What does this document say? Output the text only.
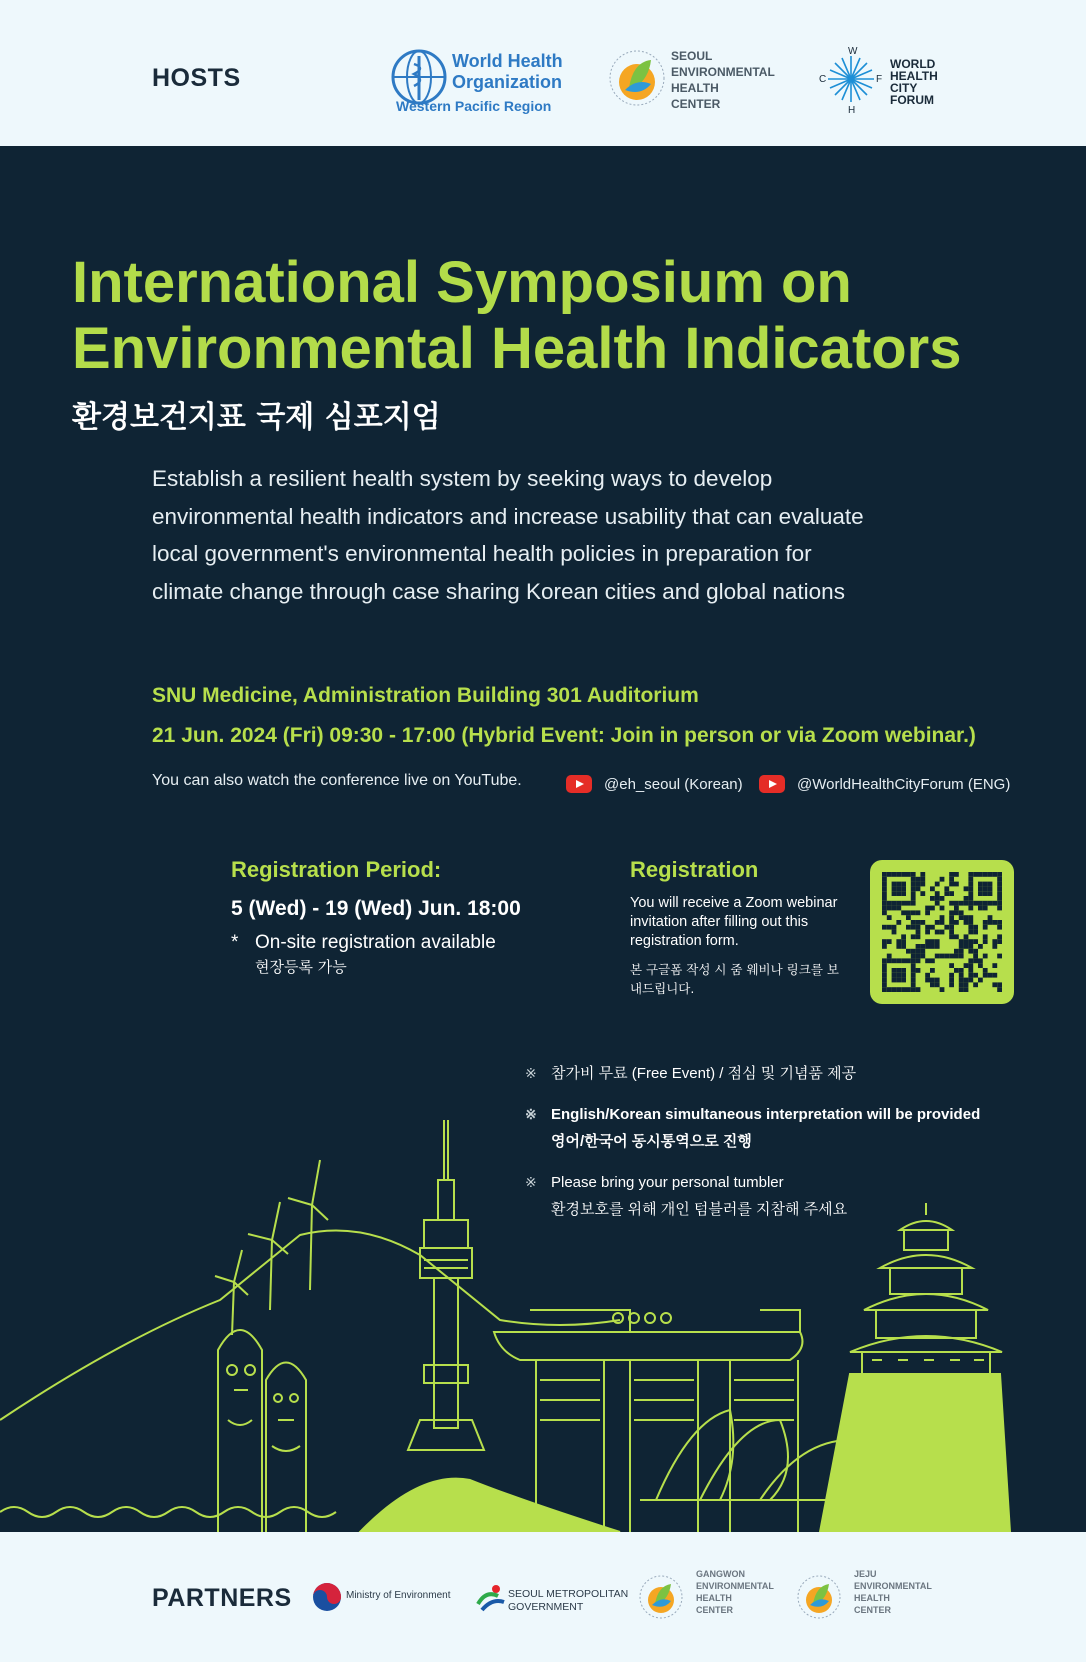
HOSTS
World Health
Organization
Western Pacific Region
SEOUL
ENVIRONMENTAL
HEALTH
CENTER
W
H
C	F
WORLD
HEALTH
CITY
FORUM
International Symposium on
Environmental Health Indicators
환경보건지표 국제 심포지엄
Establish a resilient health system by seeking ways to develop environmental health indicators and increase usability that can evaluate local government's environmental health policies in preparation for climate change through case sharing Korean cities and global nations
SNU Medicine, Administration Building 301 Auditorium
21 Jun. 2024 (Fri) 09:30 - 17:00 (Hybrid Event: Join in person or via Zoom webinar.)
You can also watch the conference live on YouTube.	@eh_seoul (Korean)	@WorldHealthCityForum (ENG)
Registration Period:
5 (Wed) - 19 (Wed) Jun. 18:00
* On-site registration available
현장등록 가능
Registration
You will receive a Zoom webinar invitation after filling out this registration form.
본 구글폼 작성 시 줌 웨비나 링크를 보내드립니다.
※ 참가비 무료 (Free Event) / 점심 및 기념품 제공
※ English/Korean simultaneous interpretation will be provided
영어/한국어 동시통역으로 진행
※ Please bring your personal tumbler
환경보호를 위해 개인 텀블러를 지참해 주세요
PARTNERS	Ministry of Environment	SEOUL METROPOLITAN
GOVERNMENT
GANGWON
ENVIRONMENTAL
HEALTH
CENTER
JEJU
ENVIRONMENTAL
HEALTH
CENTER
